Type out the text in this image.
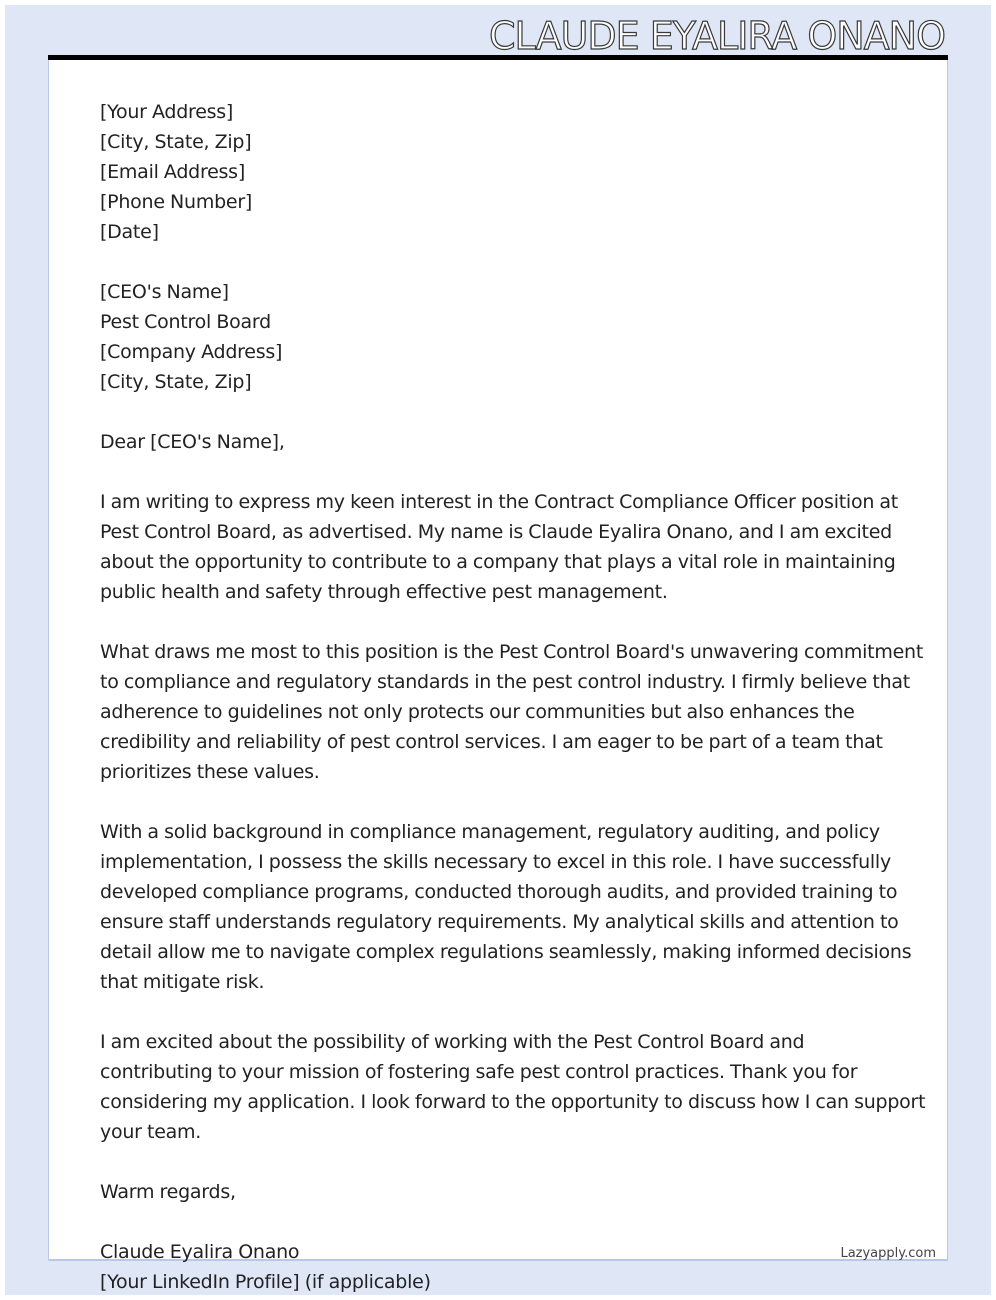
CLAUDE EYALIRA ONANO
[Your Address]
[City, State, Zip]
[Email Address]
[Phone Number]
[Date]
[CEO's Name]
Pest Control Board
[Company Address]
[City, State, Zip]
Dear [CEO's Name],
I am writing to express my keen interest in the Contract Compliance Officer position at
Pest Control Board, as advertised. My name is Claude Eyalira Onano, and I am excited
about the opportunity to contribute to a company that plays a vital role in maintaining
public health and safety through effective pest management.
What draws me most to this position is the Pest Control Board's unwavering commitment
to compliance and regulatory standards in the pest control industry. I firmly believe that
adherence to guidelines not only protects our communities but also enhances the
credibility and reliability of pest control services. I am eager to be part of a team that
prioritizes these values.
With a solid background in compliance management, regulatory auditing, and policy
implementation, I possess the skills necessary to excel in this role. I have successfully
developed compliance programs, conducted thorough audits, and provided training to
ensure staff understands regulatory requirements. My analytical skills and attention to
detail allow me to navigate complex regulations seamlessly, making informed decisions
that mitigate risk.
I am excited about the possibility of working with the Pest Control Board and
contributing to your mission of fostering safe pest control practices. Thank you for
considering my application. I look forward to the opportunity to discuss how I can support
your team.
Warm regards,
Claude Eyalira Onano
[Your LinkedIn Profile] (if applicable)
Lazyapply.com
